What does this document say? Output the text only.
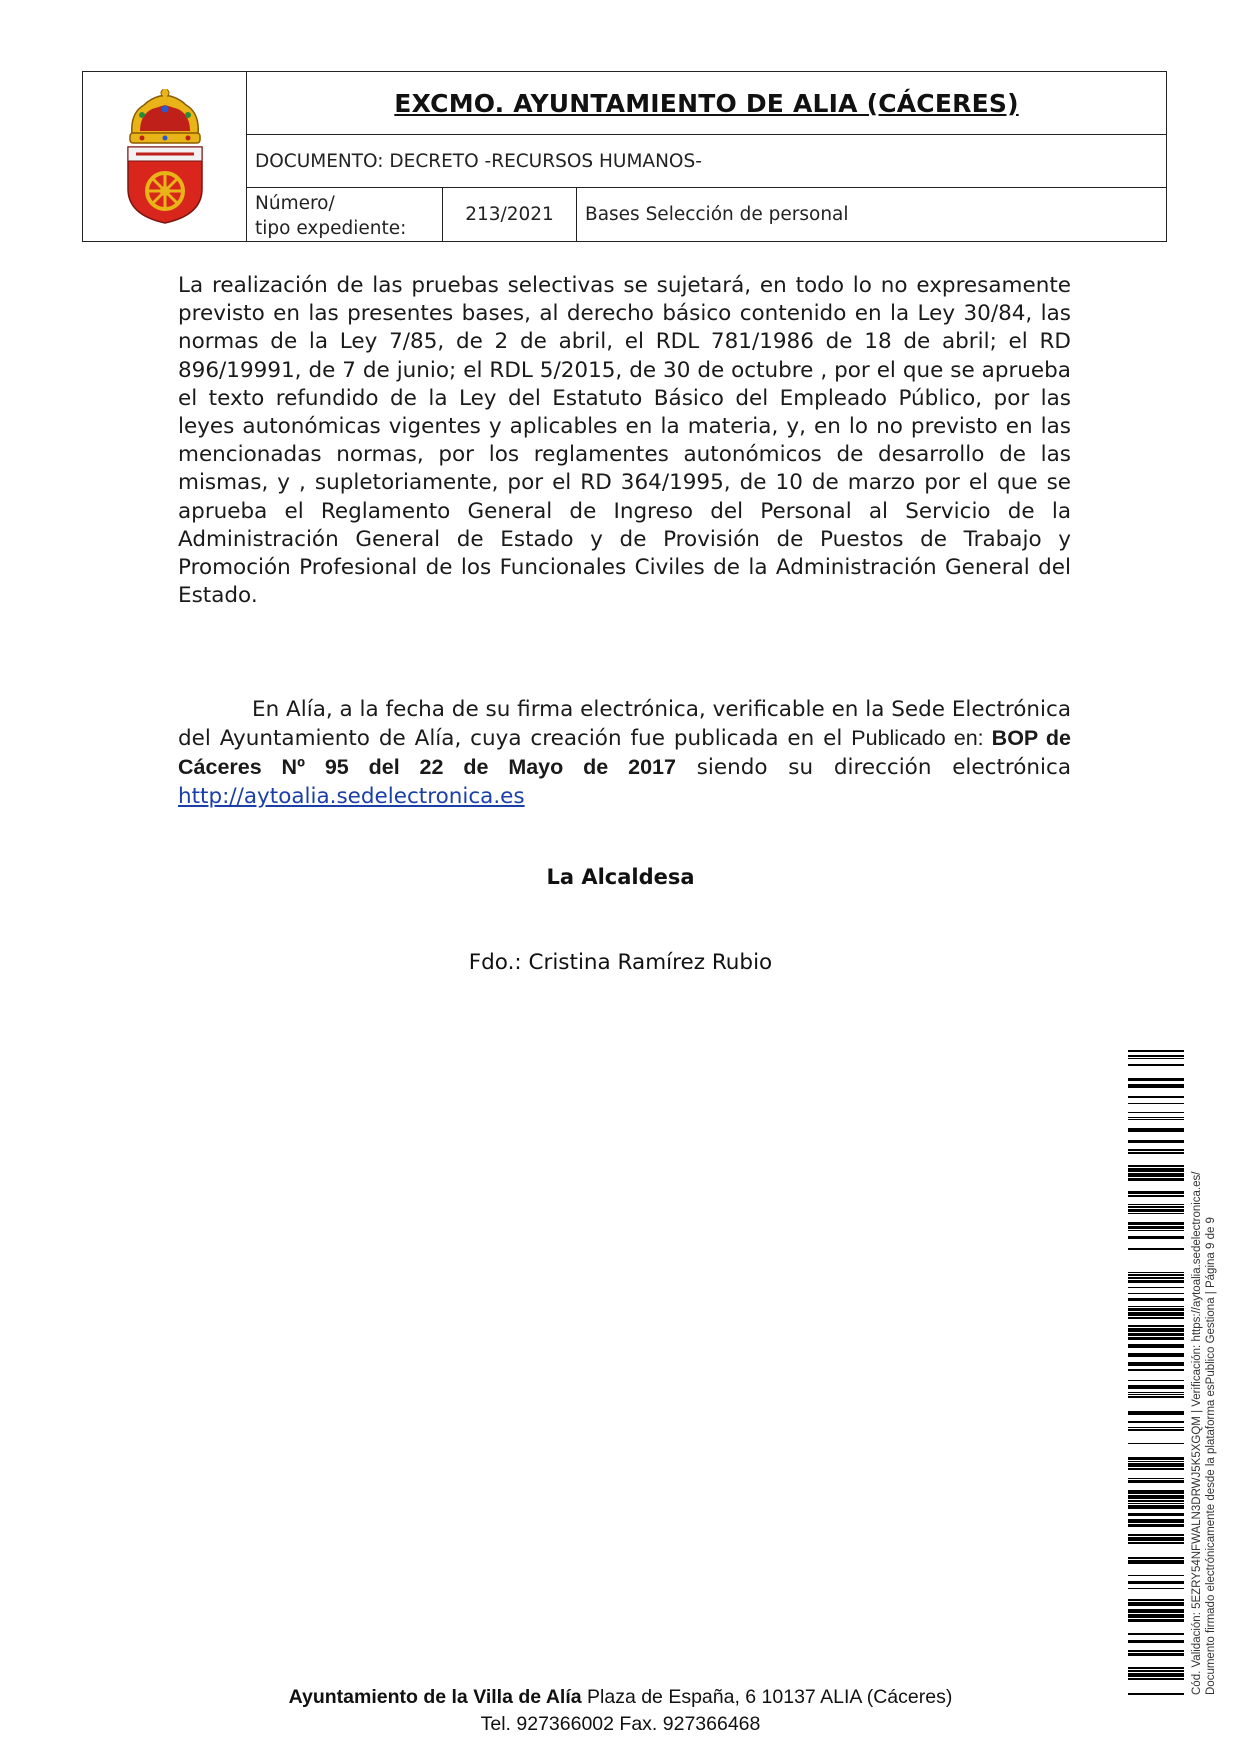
EXCMO. AYUNTAMIENTO DE ALIA (CÁCERES)
DOCUMENTO: DECRETO -RECURSOS HUMANOS-
Número/
tipo expediente:
213/2021	Bases Selección de personal

La realización de las pruebas selectivas se sujetará, en todo lo no expresamente previsto en las presentes bases, al derecho básico contenido en la Ley 30/84, las normas de la Ley 7/85, de 2 de abril, el RDL 781/1986 de 18 de abril; el RD 896/19991, de 7 de junio; el RDL 5/2015, de 30 de octubre , por el que se aprueba el texto refundido de la Ley del Estatuto Básico del Empleado Público, por las leyes autonómicas vigentes y aplicables en la materia, y, en lo no previsto en las mencionadas normas, por los reglamentes autonómicos de desarrollo de las mismas, y , supletoriamente, por el RD 364/1995, de 10 de marzo por el que se aprueba el Reglamento General de Ingreso del Personal al Servicio de la Administración General de Estado y de Provisión de Puestos de Trabajo y Promoción Profesional de los Funcionales Civiles de la Administración General del Estado.

En Alía, a la fecha de su firma electrónica, verificable en la Sede Electrónica del Ayuntamiento de Alía, cuya creación fue publicada en el Publicado en: BOP de Cáceres Nº 95 del 22 de Mayo de 2017 siendo su dirección electrónica http://aytoalia.sedelectronica.es

La Alcaldesa
Fdo.: Cristina Ramírez Rubio
Cód. Validación: 5EZRY54NFWALN3DRWJ5K5XGQM | Verificación: https://aytoalia.sedelectronica.es/ Documento firmado electrónicamente desde la plataforma esPublico Gestiona | Página 9 de 9
Ayuntamiento de la Villa de Alía Plaza de España, 6 10137 ALIA (Cáceres)
Tel. 927366002 Fax. 927366468
